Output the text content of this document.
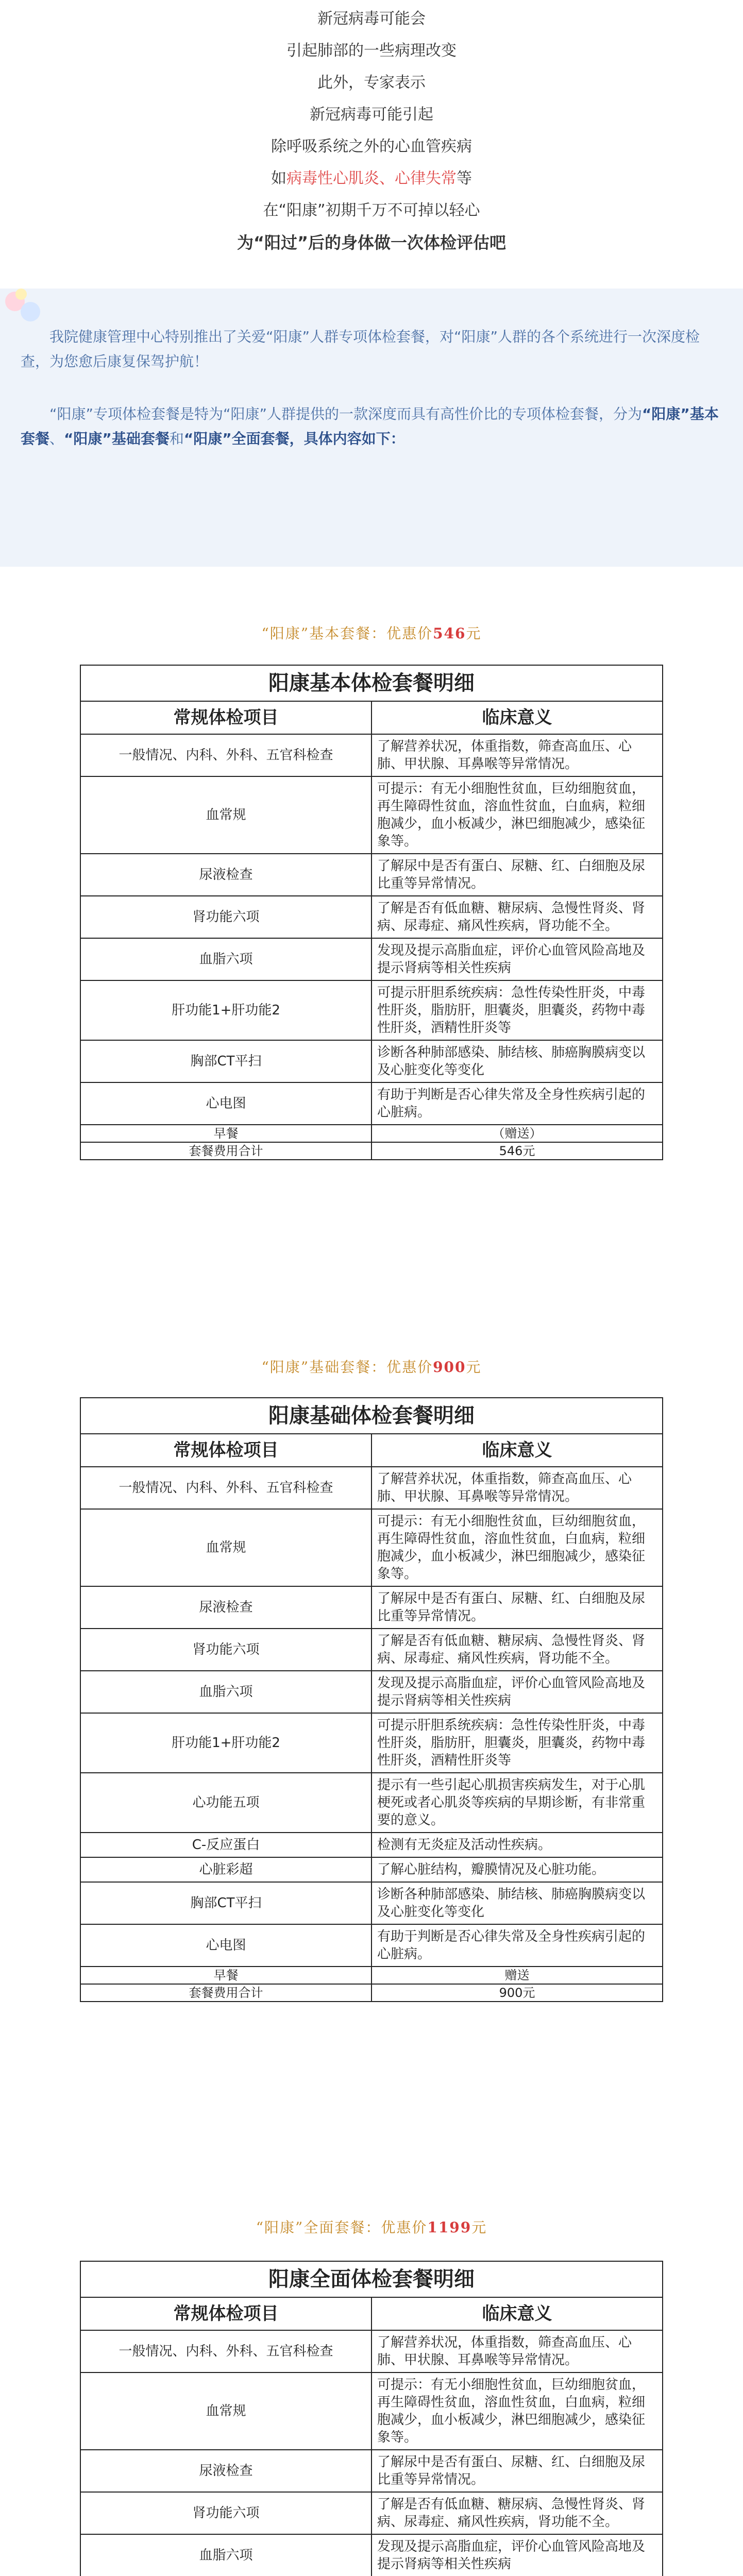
新冠病毒可能会

引起肺部的一些病理改变

此外，专家表示

新冠病毒可能引起

除呼吸系统之外的心血管疾病

如病毒性心肌炎、心律失常等

在“阳康”初期千万不可掉以轻心

为“阳过”后的身体做一次体检评估吧

我院健康管理中心特别推出了关爱“阳康”人群专项体检套餐，对“阳康”人群的各个系统进行一次深度检查，为您愈后康复保驾护航！

“阳康”专项体检套餐是特为“阳康”人群提供的一款深度而具有高性价比的专项体检套餐，分为“阳康”基本套餐、“阳康”基础套餐和“阳康”全面套餐，具体内容如下：

“阳康”基本套餐：优惠价546元
“阳康”基础套餐：优惠价900元
“阳康”全面套餐：优惠价1199元
阳康基本体检套餐明细	
常规体检项目	临床意义
一般情况、内科、外科、五官科检查	了解营养状况，体重指数，筛查高血压、心肺、甲状腺、耳鼻喉等异常情况。
血常规	可提示：有无小细胞性贫血，巨幼细胞贫血，再生障碍性贫血，溶血性贫血，白血病，粒细胞减少，血小板减少，淋巴细胞减少，感染征象等。
尿液检查	了解尿中是否有蛋白、尿糖、红、白细胞及尿比重等异常情况。
肾功能六项	了解是否有低血糖、糖尿病、急慢性肾炎、肾病、尿毒症、痛风性疾病，肾功能不全。
血脂六项	发现及提示高脂血症，评价心血管风险高地及提示肾病等相关性疾病
肝功能1+肝功能2	可提示肝胆系统疾病：急性传染性肝炎，中毒性肝炎，脂肪肝，胆囊炎，胆囊炎，药物中毒性肝炎，酒精性肝炎等
胸部CT平扫	诊断各种肺部感染、肺结核、肺癌胸膜病变以及心脏变化等变化
心电图	有助于判断是否心律失常及全身性疾病引起的心脏病。
早餐	（赠送）
套餐费用合计	546元
阳康基础体检套餐明细	
常规体检项目	临床意义
一般情况、内科、外科、五官科检查	了解营养状况，体重指数，筛查高血压、心肺、甲状腺、耳鼻喉等异常情况。
血常规	可提示：有无小细胞性贫血，巨幼细胞贫血，再生障碍性贫血，溶血性贫血，白血病，粒细胞减少，血小板减少，淋巴细胞减少，感染征象等。
尿液检查	了解尿中是否有蛋白、尿糖、红、白细胞及尿比重等异常情况。
肾功能六项	了解是否有低血糖、糖尿病、急慢性肾炎、肾病、尿毒症、痛风性疾病，肾功能不全。
血脂六项	发现及提示高脂血症，评价心血管风险高地及提示肾病等相关性疾病
肝功能1+肝功能2	可提示肝胆系统疾病：急性传染性肝炎，中毒性肝炎，脂肪肝，胆囊炎，胆囊炎，药物中毒性肝炎，酒精性肝炎等
心功能五项	提示有一些引起心肌损害疾病发生，对于心肌梗死或者心肌炎等疾病的早期诊断，有非常重要的意义。
C-反应蛋白	检测有无炎症及活动性疾病。
心脏彩超	了解心脏结构，瓣膜情况及心脏功能。
胸部CT平扫	诊断各种肺部感染、肺结核、肺癌胸膜病变以及心脏变化等变化
心电图	有助于判断是否心律失常及全身性疾病引起的心脏病。
早餐	赠送
套餐费用合计	900元
阳康全面体检套餐明细	
常规体检项目	临床意义
一般情况、内科、外科、五官科检查	了解营养状况，体重指数，筛查高血压、心肺、甲状腺、耳鼻喉等异常情况。
血常规	可提示：有无小细胞性贫血，巨幼细胞贫血，再生障碍性贫血，溶血性贫血，白血病，粒细胞减少，血小板减少，淋巴细胞减少，感染征象等。
尿液检查	了解尿中是否有蛋白、尿糖、红、白细胞及尿比重等异常情况。
肾功能六项	了解是否有低血糖、糖尿病、急慢性肾炎、肾病、尿毒症、痛风性疾病，肾功能不全。
血脂六项	发现及提示高脂血症，评价心血管风险高地及提示肾病等相关性疾病
